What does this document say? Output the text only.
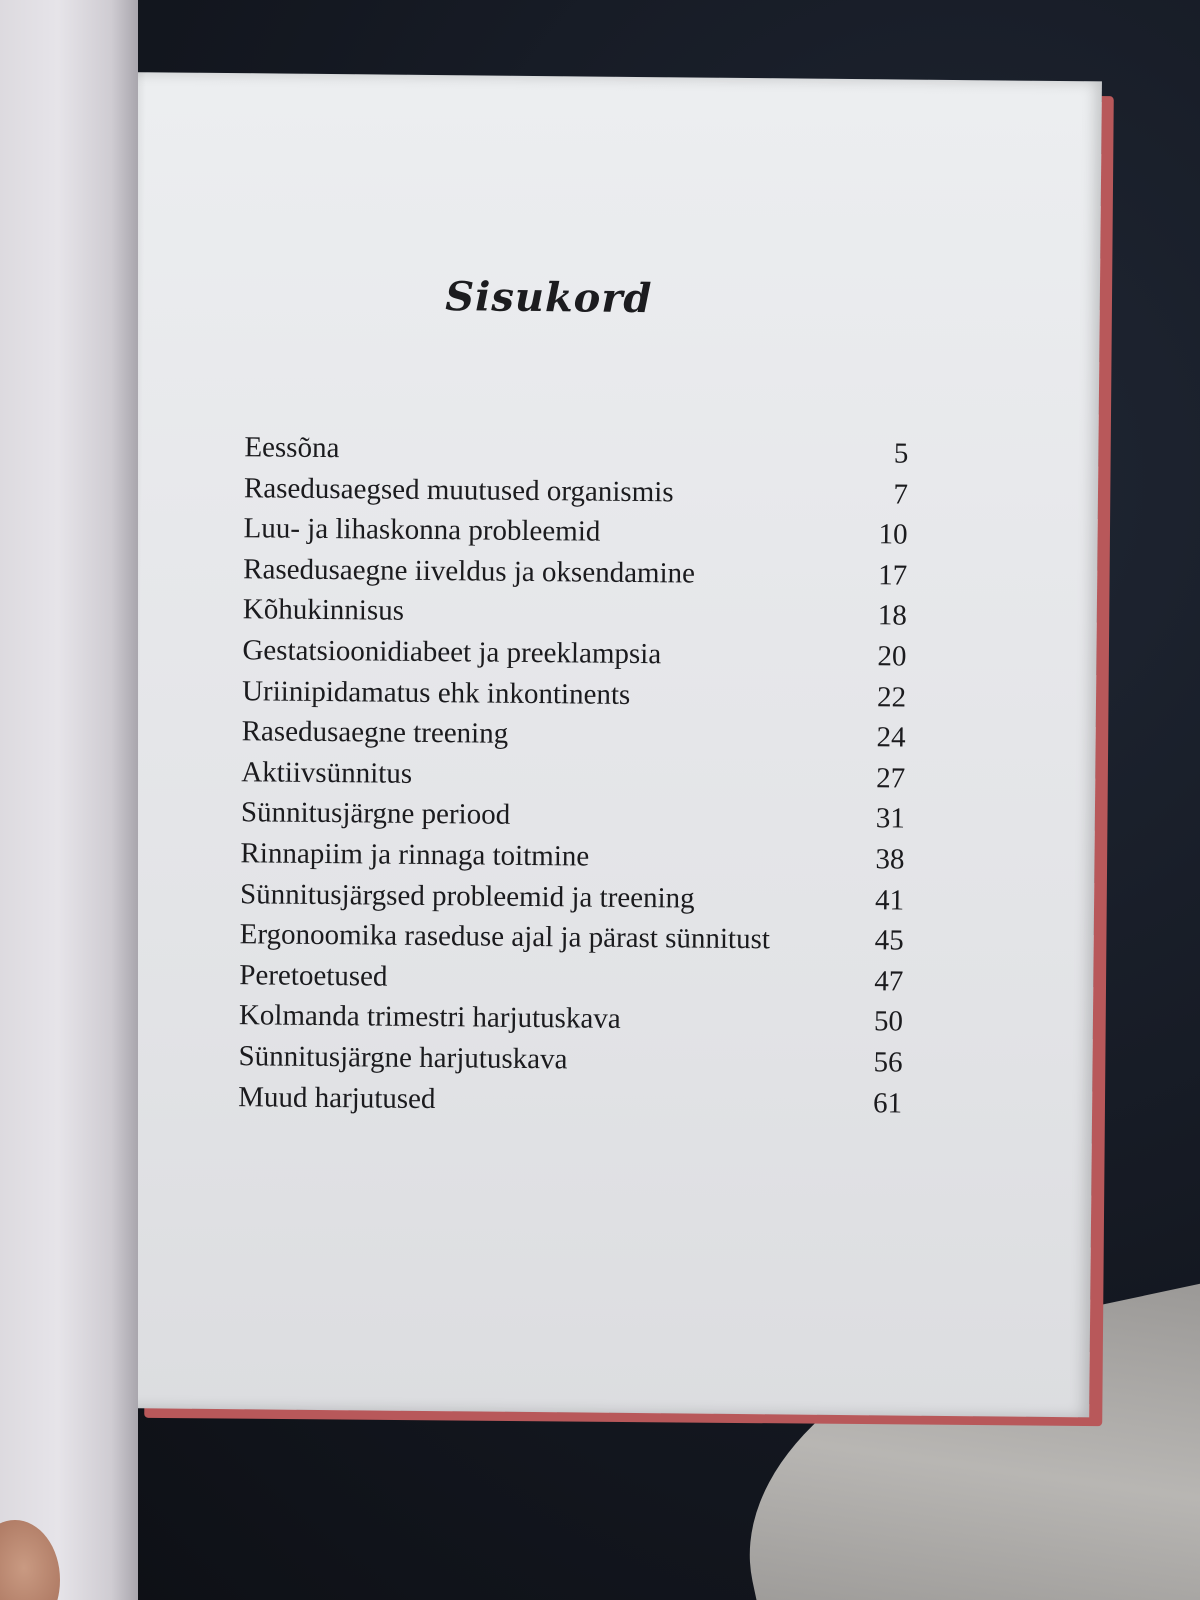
Sisukord
Eessõna	5
Rasedusaegsed muutused organismis	7
Luu- ja lihaskonna probleemid	10
Rasedusaegne iiveldus ja oksendamine	17
Kõhukinnisus	18
Gestatsioonidiabeet ja preeklampsia	20
Uriinipidamatus ehk inkontinents	22
Rasedusaegne treening	24
Aktiivsünnitus	27
Sünnitusjärgne periood	31
Rinnapiim ja rinnaga toitmine	38
Sünnitusjärgsed probleemid ja treening	41
Ergonoomika raseduse ajal ja pärast sünnitust	45
Peretoetused	47
Kolmanda trimestri harjutuskava	50
Sünnitusjärgne harjutuskava	56
Muud harjutused	61
